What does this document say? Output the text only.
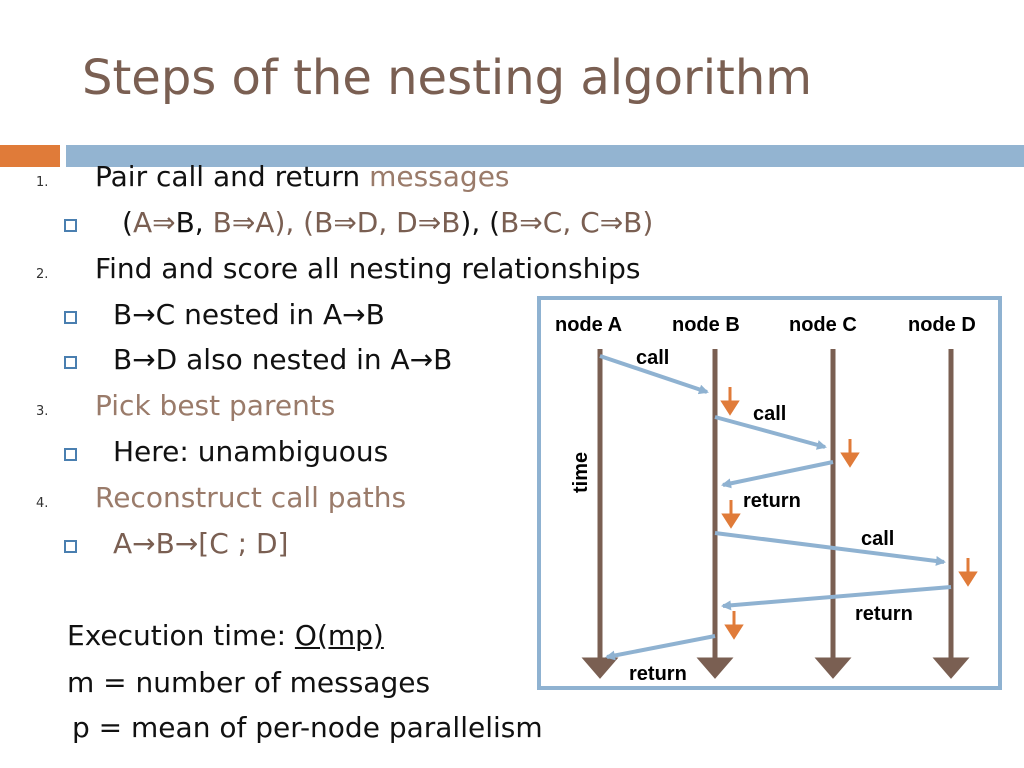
Steps of the nesting algorithm
1. Pair call and return messages
(A⇒B, B⇒A), (B⇒D, D⇒B), (B⇒C, C⇒B)
2. Find and score all nesting relationships
B→C nested in A→B
B→D also nested in A→B
3. Pick best parents
Here: unambiguous
4. Reconstruct call paths
A→B→[C ; D]
Execution time: O(mp)
m = number of messages
p = mean of per-node parallelism
node A node B node C	node D
time
call
call
return
call
return
return
